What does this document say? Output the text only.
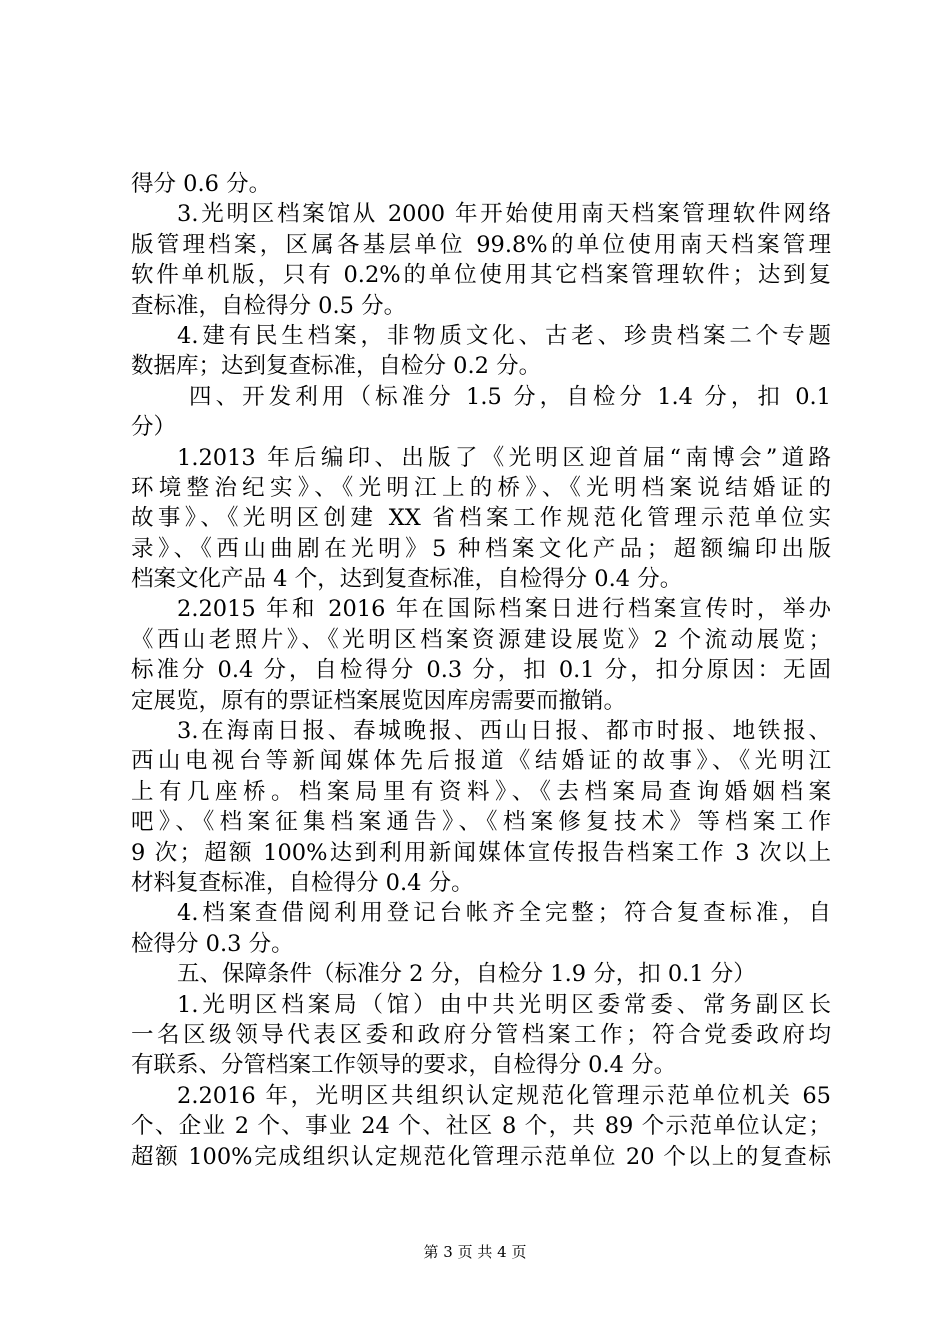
得分 0.6 分。
3.光明区档案馆从 2000 年开始使用南天档案管理软件网络
版管理档案，区属各基层单位 99.8%的单位使用南天档案管理
软件单机版，只有 0.2%的单位使用其它档案管理软件；达到复
查标准，自检得分 0.5 分。
4.建有民生档案，非物质文化、古老、珍贵档案二个专题
数据库；达到复查标准，自检分 0.2 分。
四、开发利用（标准分 1.5 分，自检分 1.4 分，扣 0.1
分）
1.2013 年后编印、出版了《光明区迎首届“南博会”道路
环境整治纪实》、《光明江上的桥》、《光明档案说结婚证的
故事》、《光明区创建 XX 省档案工作规范化管理示范单位实
录》、《西山曲剧在光明》5 种档案文化产品；超额编印出版
档案文化产品 4 个，达到复查标准，自检得分 0.4 分。
2.2015 年和 2016 年在国际档案日进行档案宣传时，举办
《西山老照片》、《光明区档案资源建设展览》2 个流动展览；
标准分 0.4 分，自检得分 0.3 分，扣 0.1 分，扣分原因：无固
定展览，原有的票证档案展览因库房需要而撤销。
3.在海南日报、春城晚报、西山日报、都市时报、地铁报、
西山电视台等新闻媒体先后报道《结婚证的故事》、《光明江
上有几座桥。档案局里有资料》、《去档案局查询婚姻档案
吧》、《档案征集档案通告》、《档案修复技术》等档案工作
9 次；超额 100%达到利用新闻媒体宣传报告档案工作 3 次以上
材料复查标准，自检得分 0.4 分。
4.档案查借阅利用登记台帐齐全完整；符合复查标准，自
检得分 0.3 分。
五、保障条件（标准分 2 分，自检分 1.9 分，扣 0.1 分）
1.光明区档案局（馆）由中共光明区委常委、常务副区长
一名区级领导代表区委和政府分管档案工作；符合党委政府均
有联系、分管档案工作领导的要求，自检得分 0.4 分。
2.2016 年，光明区共组织认定规范化管理示范单位机关 65
个、企业 2 个、事业 24 个、社区 8 个，共 89 个示范单位认定；
超额 100%完成组织认定规范化管理示范单位 20 个以上的复查标
第 3 页 共 4 页
